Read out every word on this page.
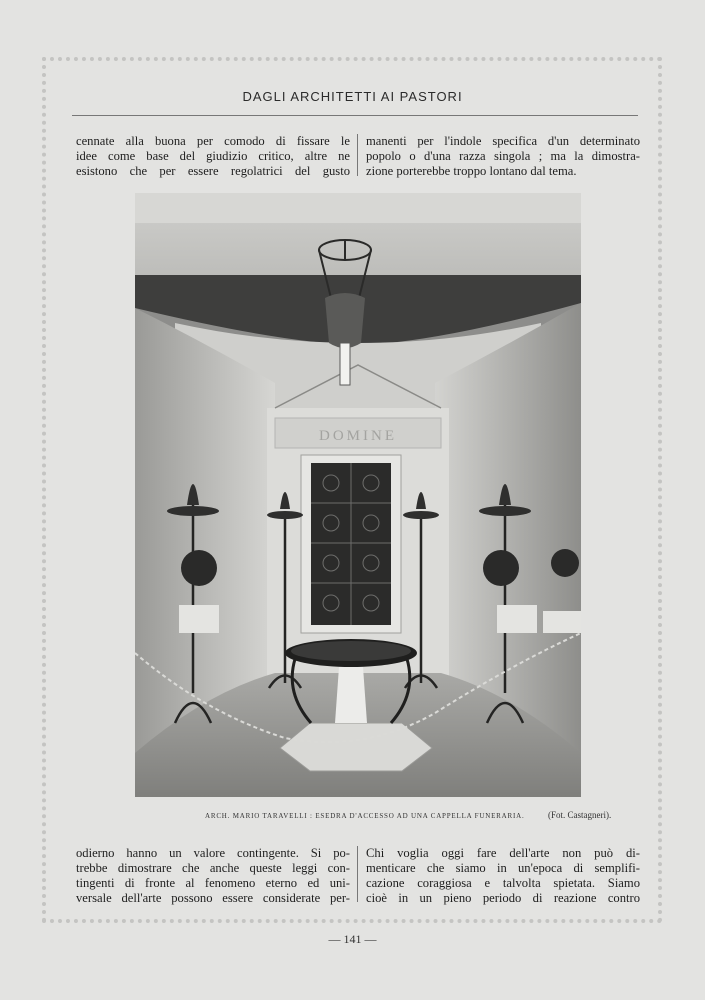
DAGLI ARCHITETTI AI PASTORI
cennate alla buona per comodo di fissare le
idee come base del giudizio critico, altre ne
esistono che per essere regolatrici del gusto
manenti per l'indole specifica d'un determinato
popolo o d'una razza singola ; ma la dimostra-
zione porterebbe troppo lontano dal tema.
DOMINE
ARCH. MARIO TARAVELLI : ESEDRA D'ACCESSO AD UNA CAPPELLA FUNERARIA.	(Fot. Castagneri).
odierno hanno un valore contingente. Si po-
trebbe dimostrare che anche queste leggi con-
tingenti di fronte al fenomeno eterno ed uni-
versale dell'arte possono essere considerate per-
Chi voglia oggi fare dell'arte non può di-
menticare che siamo in un'epoca di semplifi-
cazione coraggiosa e talvolta spietata. Siamo
cioè in un pieno periodo di reazione contro
— 141 —
